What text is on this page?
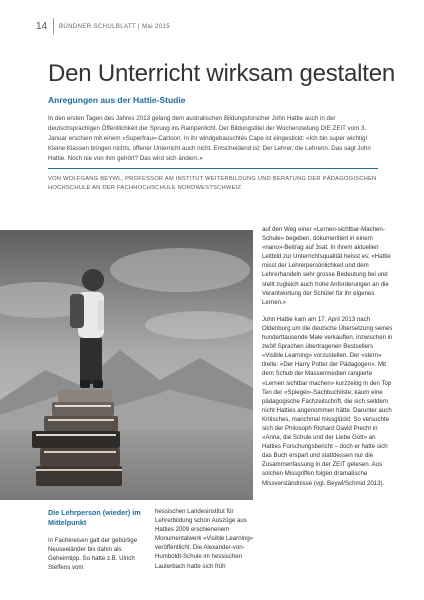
14 BÜNDNER SCHULBLATT | Mai 2015
Den Unterricht wirksam gestalten
Anregungen aus der Hattie-Studie
In den ersten Tagen des Jahres 2013 gelang dem australischen Bildungsforscher John Hattie auch in der deutschsprachigen Öffentlichkeit der Sprung ins Rampenlicht. Der Bildungstitel der Wochenzeitung DIE ZEIT vom 3. Januar erschien mit einem «Superfrau»-Cartoon. In ihr windgebauschtes Cape ist eingestickt: «Ich bin super wichtig! Kleine Klassen bringen nichts, offener Unterricht auch nicht. Entscheidend ist: Der Lehrer, die Lehrerin. Das sagt John Hattie. Noch nie von ihm gehört? Das wird sich ändern.»
VON WOLFGANG BEYWL, PROFESSOR AM INSTITUT WEITERBILDUNG UND BERATUNG DER PÄDAGOGISCHEN HOCHSCHULE AN DER FACHHOCHSCHULE NORDWESTSCHWEIZ

auf den Weg einer «Lernen-sichtbar-Machen-Schule» begeben, dokumentiert in einem «nano»-Beitrag auf 3sat. In ihrem aktuellen Leitbild zur Unterrichtsqualität heisst es: «Hattie misst der Lehrerpersönlichkeit und dem Lehrerhandeln sehr grosse Bedeutung bei und stellt zugleich auch hohe Anforderungen an die Verantwortung der Schüler für ihr eigenes Lernen.»

John Hattie kam am 17. April 2013 nach Oldenburg um die deutsche Übersetzung seines hunderttausende Male verkauften, inzwischen in zwölf Sprachen übertragenen Bestsellers «Visible Learning» vorzustellen. Der «stern» titelte: «Der Harry Potter der Pädagogen». Mit dem Schub der Massenmedien rangierte «Lernen sichtbar machen» kurzzeitig in den Top Ten der «Spiegel»-Sachbuchliste; kaum eine pädagogische Fachzeitschrift, die sich seitdem nicht Hatties angenommen hätte. Darunter auch Kritisches, manchmal missglückt: So versuchte sich der Philosoph Richard David Precht in «Anna, die Schule und der Liebe Gott» an Hatties Forschungsbericht – doch er hatte sich das Buch erspart und stattdessen nur die Zusammenfassung in der ZEIT gelesen. Aus solchen Missgriffen folgen dramatische Missverständnisse (vgl. Beywl/Schmid 2013).

Die Lehrperson (wieder) im Mittelpunkt

In Fachkreisen galt der gebürtige Neuseeländer bis dahin als Geheimtipp. So hatte z.B. Ulrich Steffens vom

hessischen Landesinstitut für Lehrerbildung schon Auszüge aus Hatties 2009 erschienenem Monumentalwerk «Visible Learning» veröffentlicht. Die Alexander-von-Humboldt-Schule im hessischen Lauterbach hatte sich früh
